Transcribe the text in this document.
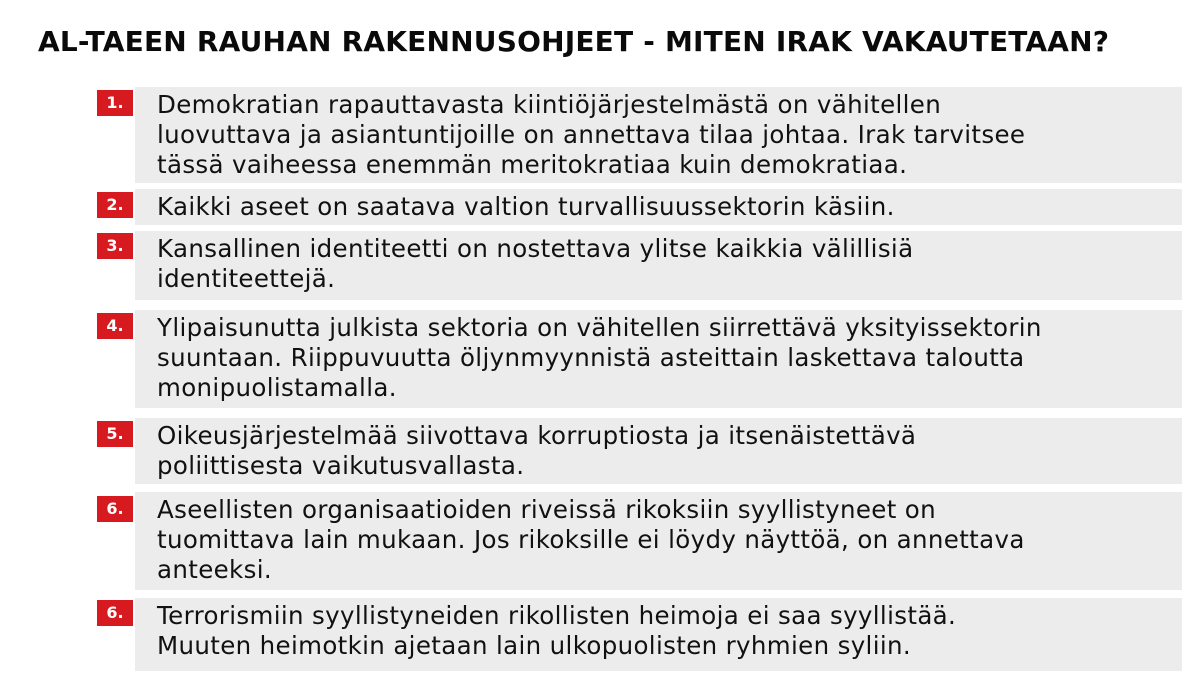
AL-TAEEN RAUHAN RAKENNUSOHJEET - MITEN IRAK VAKAUTETAAN?
Demokratian rapauttavasta kiintiöjärjestelmästä on vähitellen
luovuttava ja asiantuntijoille on annettava tilaa johtaa. Irak tarvitsee
tässä vaiheessa enemmän meritokratiaa kuin demokratiaa.
1.
Kaikki aseet on saatava valtion turvallisuussektorin käsiin.
2.
Kansallinen identiteetti on nostettava ylitse kaikkia välillisiä
identiteettejä.
3.
Ylipaisunutta julkista sektoria on vähitellen siirrettävä yksityissektorin
suuntaan. Riippuvuutta öljynmyynnistä asteittain laskettava taloutta
monipuolistamalla.
4.
Oikeusjärjestelmää siivottava korruptiosta ja itsenäistettävä
poliittisesta vaikutusvallasta.
5.
Aseellisten organisaatioiden riveissä rikoksiin syyllistyneet on
tuomittava lain mukaan. Jos rikoksille ei löydy näyttöä, on annettava
anteeksi.
6.
Terrorismiin syyllistyneiden rikollisten heimoja ei saa syyllistää.
Muuten heimotkin ajetaan lain ulkopuolisten ryhmien syliin.
6.
